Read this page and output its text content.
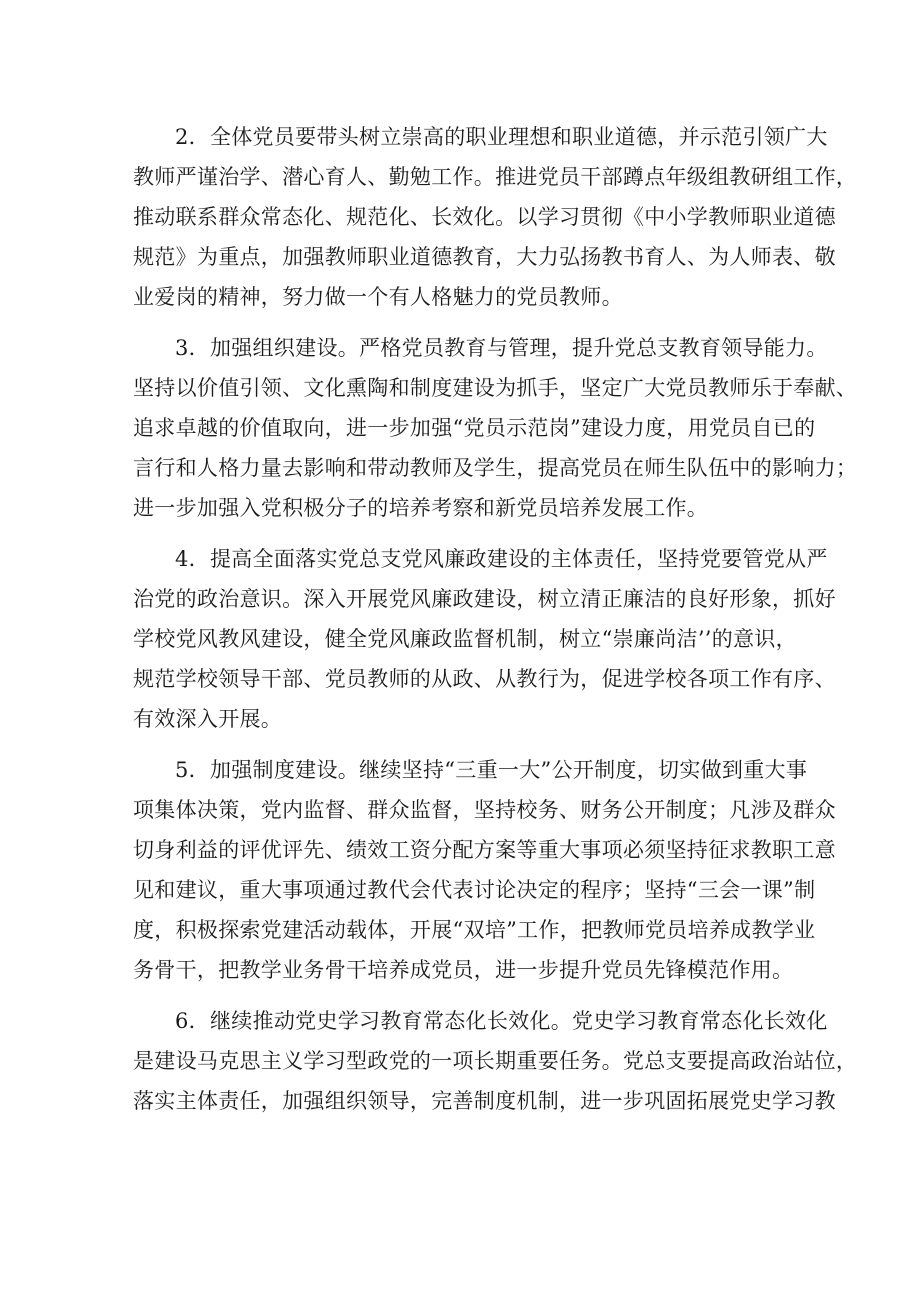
2．全体党员要带头树立崇高的职业理想和职业道德，并示范引领广大
教师严谨治学、潜心育人、勤勉工作。推进党员干部蹲点年级组教研组工作，
推动联系群众常态化、规范化、长效化。以学习贯彻《中小学教师职业道德
规范》为重点，加强教师职业道德教育，大力弘扬教书育人、为人师表、敬
业爱岗的精神，努力做一个有人格魅力的党员教师。

3．加强组织建设。严格党员教育与管理，提升党总支教育领导能力。
坚持以价值引领、文化熏陶和制度建设为抓手，坚定广大党员教师乐于奉献、
追求卓越的价值取向，进一步加强“党员示范岗”建设力度，用党员自已的
言行和人格力量去影响和带动教师及学生，提高党员在师生队伍中的影响力；
进一步加强入党积极分子的培养考察和新党员培养发展工作。

4．提高全面落实党总支党风廉政建设的主体责任，坚持党要管党从严
治党的政治意识。深入开展党风廉政建设，树立清正廉洁的良好形象，抓好
学校党风教风建设，健全党风廉政监督机制，树立“崇廉尚洁’’的意识，
规范学校领导干部、党员教师的从政、从教行为，促进学校各项工作有序、
有效深入开展。

5．加强制度建设。继续坚持“三重一大”公开制度，切实做到重大事
项集体决策，党内监督、群众监督，坚持校务、财务公开制度；凡涉及群众
切身利益的评优评先、绩效工资分配方案等重大事项必须坚持征求教职工意
见和建议，重大事项通过教代会代表讨论决定的程序；坚持“三会一课”制
度，积极探索党建活动载体，开展“双培”工作，把教师党员培养成教学业
务骨干，把教学业务骨干培养成党员，进一步提升党员先锋模范作用。

6．继续推动党史学习教育常态化长效化。党史学习教育常态化长效化
是建设马克思主义学习型政党的一项长期重要任务。党总支要提高政治站位，
落实主体责任，加强组织领导，完善制度机制，进一步巩固拓展党史学习教
